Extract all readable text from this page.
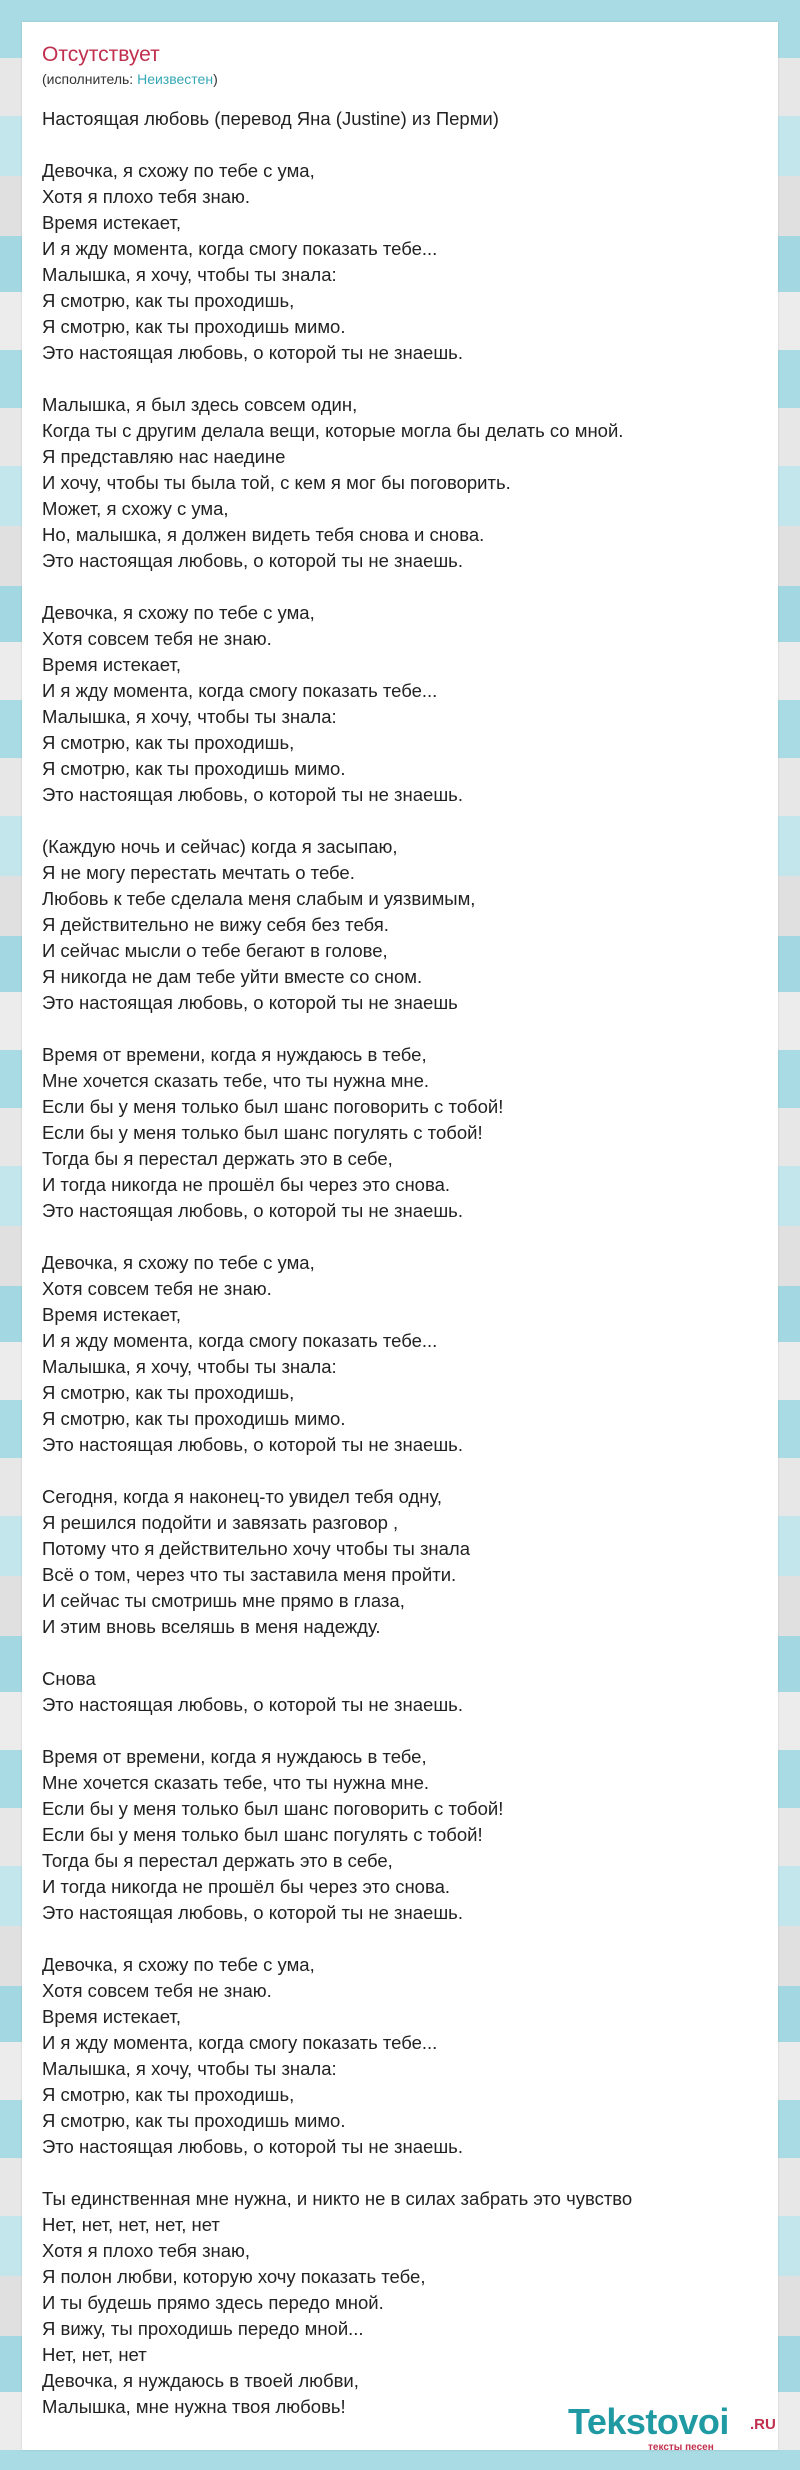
Отсутствует
(исполнитель: Неизвестен)
Настоящая любовь (перевод Яна (Justine) из Перми)
Девочка, я схожу по тебе с ума,
Хотя я плохо тебя знаю.
Время истекает,
И я жду момента, когда смогу показать тебе...
Малышка, я хочу, чтобы ты знала:
Я смотрю, как ты проходишь,
Я смотрю, как ты проходишь мимо.
Это настоящая любовь, о которой ты не знаешь.
Малышка, я был здесь совсем один,
Когда ты с другим делала вещи, которые могла бы делать со мной.
Я представляю нас наедине
И хочу, чтобы ты была той, с кем я мог бы поговорить.
Может, я схожу с ума,
Но, малышка, я должен видеть тебя снова и снова.
Это настоящая любовь, о которой ты не знаешь.
Девочка, я схожу по тебе с ума,
Хотя совсем тебя не знаю.
Время истекает,
И я жду момента, когда смогу показать тебе...
Малышка, я хочу, чтобы ты знала:
Я смотрю, как ты проходишь,
Я смотрю, как ты проходишь мимо.
Это настоящая любовь, о которой ты не знаешь.
(Каждую ночь и сейчас) когда я засыпаю,
Я не могу перестать мечтать о тебе.
Любовь к тебе сделала меня слабым и уязвимым,
Я действительно не вижу себя без тебя.
И сейчас мысли о тебе бегают в голове,
Я никогда не дам тебе уйти вместе со сном.
Это настоящая любовь, о которой ты не знаешь
Время от времени, когда я нуждаюсь в тебе,
Мне хочется сказать тебе, что ты нужна мне.
Если бы у меня только был шанс поговорить с тобой!
Если бы у меня только был шанс погулять с тобой!
Тогда бы я перестал держать это в себе,
И тогда никогда не прошёл бы через это снова.
Это настоящая любовь, о которой ты не знаешь.
Девочка, я схожу по тебе с ума,
Хотя совсем тебя не знаю.
Время истекает,
И я жду момента, когда смогу показать тебе...
Малышка, я хочу, чтобы ты знала:
Я смотрю, как ты проходишь,
Я смотрю, как ты проходишь мимо.
Это настоящая любовь, о которой ты не знаешь.
Сегодня, когда я наконец-то увидел тебя одну,
Я решился подойти и завязать разговор ,
Потому что я действительно хочу чтобы ты знала
Всё о том, через что ты заставила меня пройти.
И сейчас ты смотришь мне прямо в глаза,
И этим вновь вселяшь в меня надежду.
Снова
Это настоящая любовь, о которой ты не знаешь.
Время от времени, когда я нуждаюсь в тебе,
Мне хочется сказать тебе, что ты нужна мне.
Если бы у меня только был шанс поговорить с тобой!
Если бы у меня только был шанс погулять с тобой!
Тогда бы я перестал держать это в себе,
И тогда никогда не прошёл бы через это снова.
Это настоящая любовь, о которой ты не знаешь.
Девочка, я схожу по тебе с ума,
Хотя совсем тебя не знаю.
Время истекает,
И я жду момента, когда смогу показать тебе...
Малышка, я хочу, чтобы ты знала:
Я смотрю, как ты проходишь,
Я смотрю, как ты проходишь мимо.
Это настоящая любовь, о которой ты не знаешь.
Ты единственная мне нужна, и никто не в силах забрать это чувство
Нет, нет, нет, нет, нет
Хотя я плохо тебя знаю,
Я полон любви, которую хочу показать тебе,
И ты будешь прямо здесь передо мной.
Я вижу, ты проходишь передо мной...
Нет, нет, нет
Девочка, я нуждаюсь в твоей любви,
Малышка, мне нужна твоя любовь!	Tekstovoi .RU
тексты песен
